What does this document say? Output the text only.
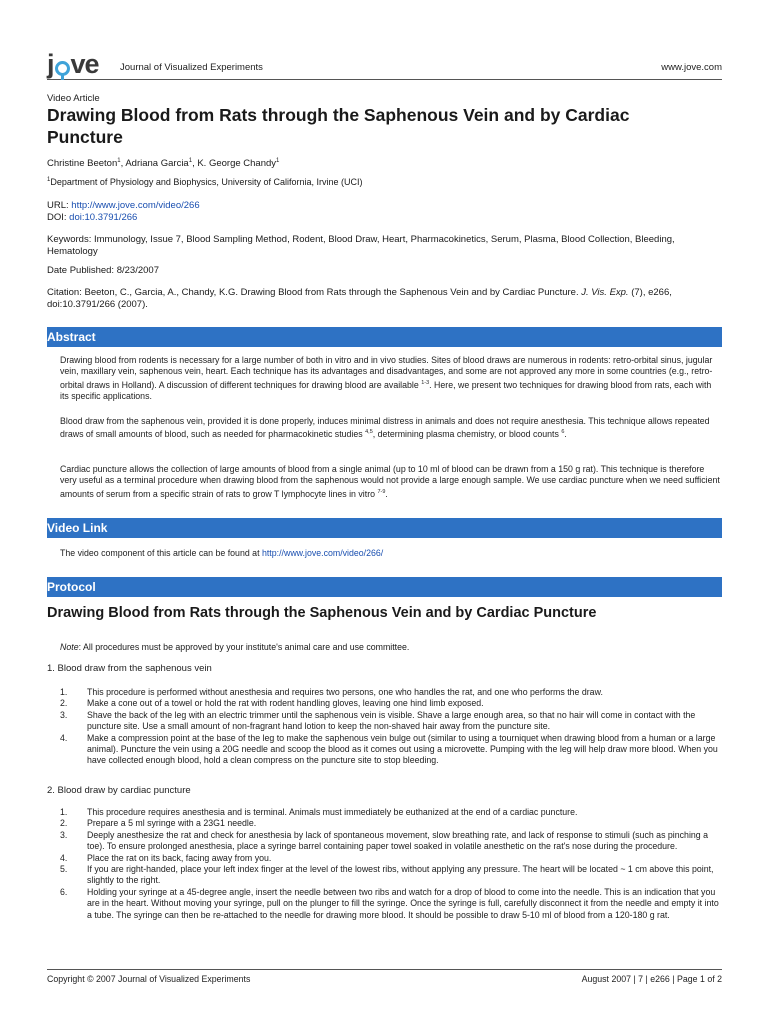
j ve Journal of Visualized Experiments	www.jove.com
Video Article
Drawing Blood from Rats through the Saphenous Vein and by Cardiac Puncture
Christine Beeton$^1$, Adriana Garcia$^1$, K. George Chandy$^1$
$^1$Department of Physiology and Biophysics, University of California, Irvine (UCI)
URL: http://www.jove.com/video/266
DOI: doi:10.3791/266
Keywords: Immunology, Issue 7, Blood Sampling Method, Rodent, Blood Draw, Heart, Pharmacokinetics, Serum, Plasma, Blood Collection, Bleeding, Hematology
Date Published: 8/23/2007
Citation: Beeton, C., Garcia, A., Chandy, K.G. Drawing Blood from Rats through the Saphenous Vein and by Cardiac Puncture. J. Vis. Exp. (7), e266, doi:10.3791/266 (2007).
Abstract
Drawing blood from rodents is necessary for a large number of both in vitro and in vivo studies. Sites of blood draws are numerous in rodents: retro-orbital sinus, jugular vein, maxillary vein, saphenous vein, heart. Each technique has its advantages and disadvantages, and some are not approved any more in some countries (e.g., retro-orbital draws in Holland). A discussion of different techniques for drawing blood are available $^{1-3}$. Here, we present two techniques for drawing blood from rats, each with its specific applications.
Blood draw from the saphenous vein, provided it is done properly, induces minimal distress in animals and does not require anesthesia. This technique allows repeated draws of small amounts of blood, such as needed for pharmacokinetic studies $^{4,5}$, determining plasma chemistry, or blood counts $^6$.
Cardiac puncture allows the collection of large amounts of blood from a single animal (up to 10 ml of blood can be drawn from a 150 g rat). This technique is therefore very useful as a terminal procedure when drawing blood from the saphenous would not provide a large enough sample. We use cardiac puncture when we need sufficient amounts of serum from a specific strain of rats to grow T lymphocyte lines in vitro $^{7-9}$.
Video Link
The video component of this article can be found at http://www.jove.com/video/266/
Protocol
Drawing Blood from Rats through the Saphenous Vein and by Cardiac Puncture
Note: All procedures must be approved by your institute's animal care and use committee.
1. Blood draw from the saphenous vein
1. This procedure is performed without anesthesia and requires two persons, one who handles the rat, and one who performs the draw.
2. Make a cone out of a towel or hold the rat with rodent handling gloves, leaving one hind limb exposed.
3. Shave the back of the leg with an electric trimmer until the saphenous vein is visible. Shave a large enough area, so that no hair will come in contact with the puncture site. Use a small amount of non-fragrant hand lotion to keep the non-shaved hair away from the puncture site.
4. Make a compression point at the base of the leg to make the saphenous vein bulge out (similar to using a tourniquet when drawing blood from a human or a large animal). Puncture the vein using a 20G needle and scoop the blood as it comes out using a microvette. Pumping with the leg will help draw more blood. When you have collected enough blood, hold a clean compress on the puncture site to stop bleeding.
2. Blood draw by cardiac puncture
1. This procedure requires anesthesia and is terminal. Animals must immediately be euthanized at the end of a cardiac puncture.
2. Prepare a 5 ml syringe with a 23G1 needle.
3. Deeply anesthesize the rat and check for anesthesia by lack of spontaneous movement, slow breathing rate, and lack of response to stimuli (such as pinching a toe). To ensure prolonged anesthesia, place a syringe barrel containing paper towel soaked in volatile anesthetic on the rat's nose during the procedure.
4. Place the rat on its back, facing away from you.
5. If you are right-handed, place your left index finger at the level of the lowest ribs, without applying any pressure. The heart will be located ~ 1 cm above this point, slightly to the right.
6. Holding your syringe at a 45-degree angle, insert the needle between two ribs and watch for a drop of blood to come into the needle. This is an indication that you are in the heart. Without moving your syringe, pull on the plunger to fill the syringe. Once the syringe is full, carefully disconnect it from the needle and empty it into a tube. The syringe can then be re-attached to the needle for drawing more blood. It should be possible to draw 5-10 ml of blood from a 120-180 g rat.
Copyright © 2007 Journal of Visualized Experiments	August 2007 | 7 | e266 | Page 1 of 2
